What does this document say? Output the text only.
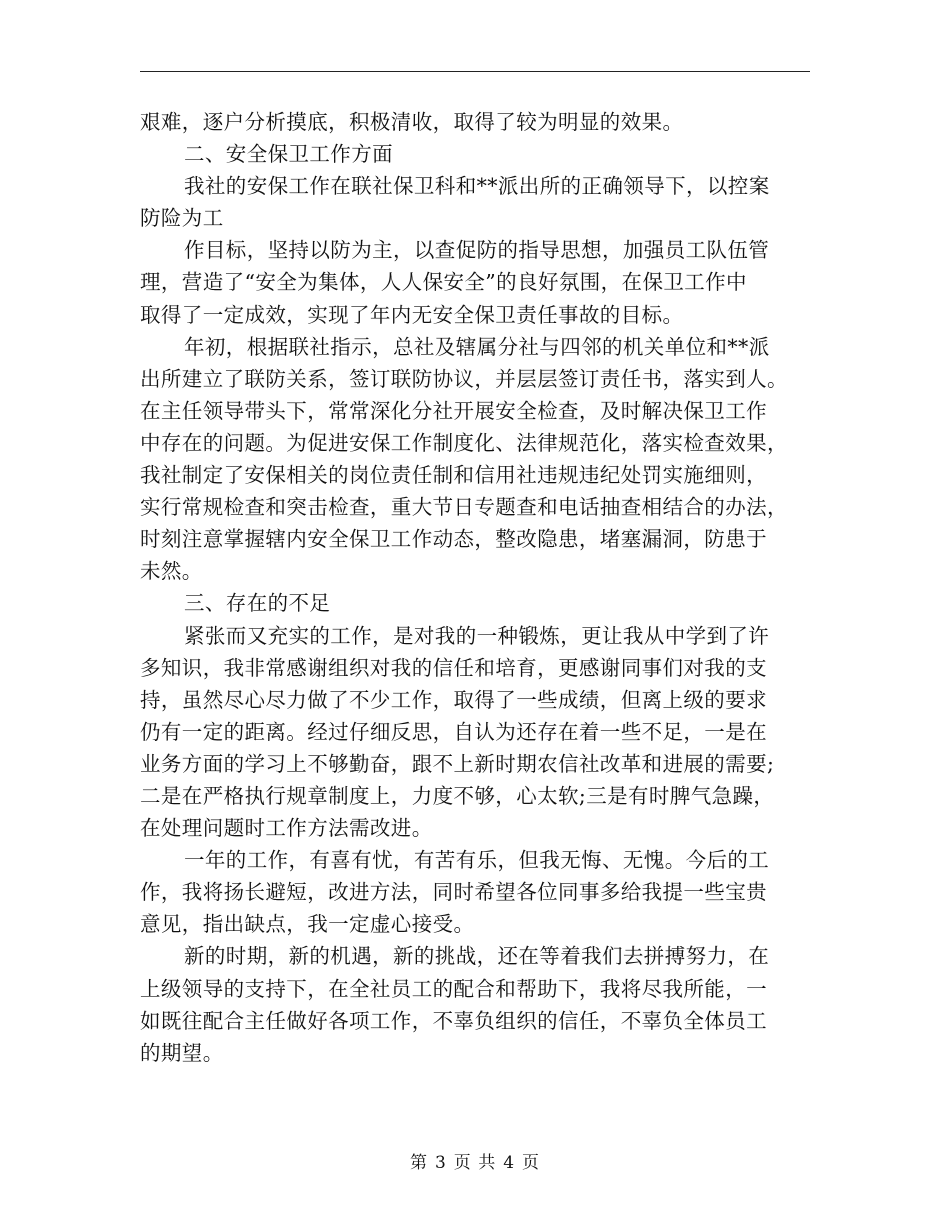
艰难，逐户分析摸底，积极清收，取得了较为明显的效果。
二、安全保卫工作方面
我社的安保工作在联社保卫科和**派出所的正确领导下，以控案
防险为工
作目标，坚持以防为主，以查促防的指导思想，加强员工队伍管
理，营造了“安全为集体，人人保安全”的良好氛围，在保卫工作中
取得了一定成效，实现了年内无安全保卫责任事故的目标。
年初，根据联社指示，总社及辖属分社与四邻的机关单位和**派
出所建立了联防关系，签订联防协议，并层层签订责任书，落实到人。
在主任领导带头下，常常深化分社开展安全检查，及时解决保卫工作
中存在的问题。为促进安保工作制度化、法律规范化，落实检查效果，
我社制定了安保相关的岗位责任制和信用社违规违纪处罚实施细则，
实行常规检查和突击检查，重大节日专题查和电话抽查相结合的办法，
时刻注意掌握辖内安全保卫工作动态，整改隐患，堵塞漏洞，防患于
未然。
三、存在的不足
紧张而又充实的工作，是对我的一种锻炼，更让我从中学到了许
多知识，我非常感谢组织对我的信任和培育，更感谢同事们对我的支
持，虽然尽心尽力做了不少工作，取得了一些成绩，但离上级的要求
仍有一定的距离。经过仔细反思，自认为还存在着一些不足，一是在
业务方面的学习上不够勤奋，跟不上新时期农信社改革和进展的需要;
二是在严格执行规章制度上，力度不够，心太软;三是有时脾气急躁，
在处理问题时工作方法需改进。
一年的工作，有喜有忧，有苦有乐，但我无悔、无愧。今后的工
作，我将扬长避短，改进方法，同时希望各位同事多给我提一些宝贵
意见，指出缺点，我一定虚心接受。
新的时期，新的机遇，新的挑战，还在等着我们去拼搏努力，在
上级领导的支持下，在全社员工的配合和帮助下，我将尽我所能，一
如既往配合主任做好各项工作，不辜负组织的信任，不辜负全体员工
的期望。
第 3 页 共 4 页
